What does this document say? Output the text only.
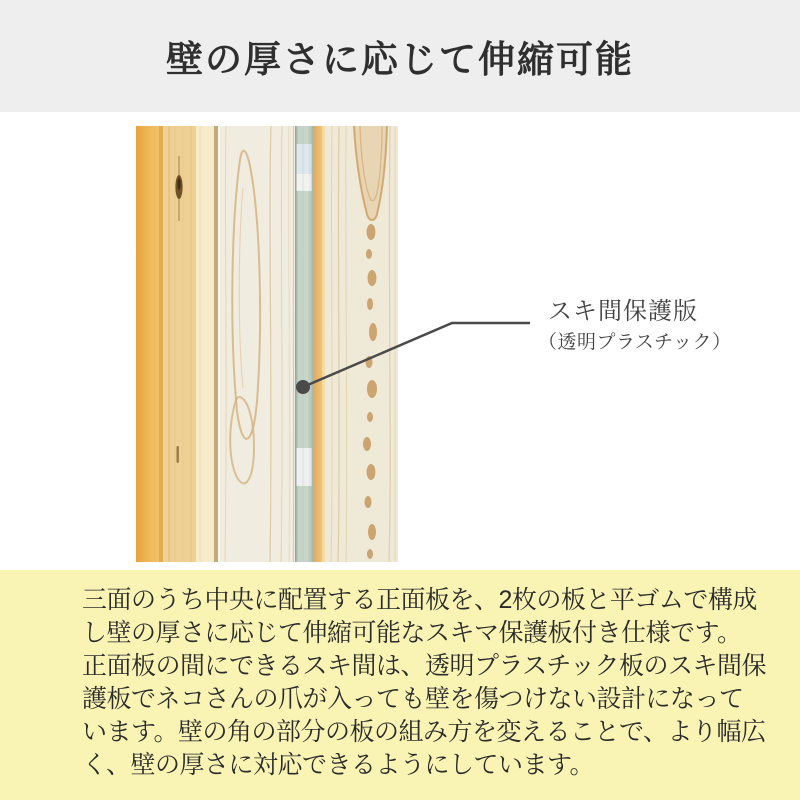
壁の厚さに応じて伸縮可能
スキ間保護版
（透明プラスチック）

三面のうち中央に配置する正面板を、2枚の板と平ゴムで構成

し壁の厚さに応じて伸縮可能なスキマ保護板付き仕様です。

正面板の間にできるスキ間は、透明プラスチック板のスキ間保

護板でネコさんの爪が入っても壁を傷つけない設計になって

います。壁の角の部分の板の組み方を変えることで、より幅広

く、壁の厚さに対応できるようにしています。
